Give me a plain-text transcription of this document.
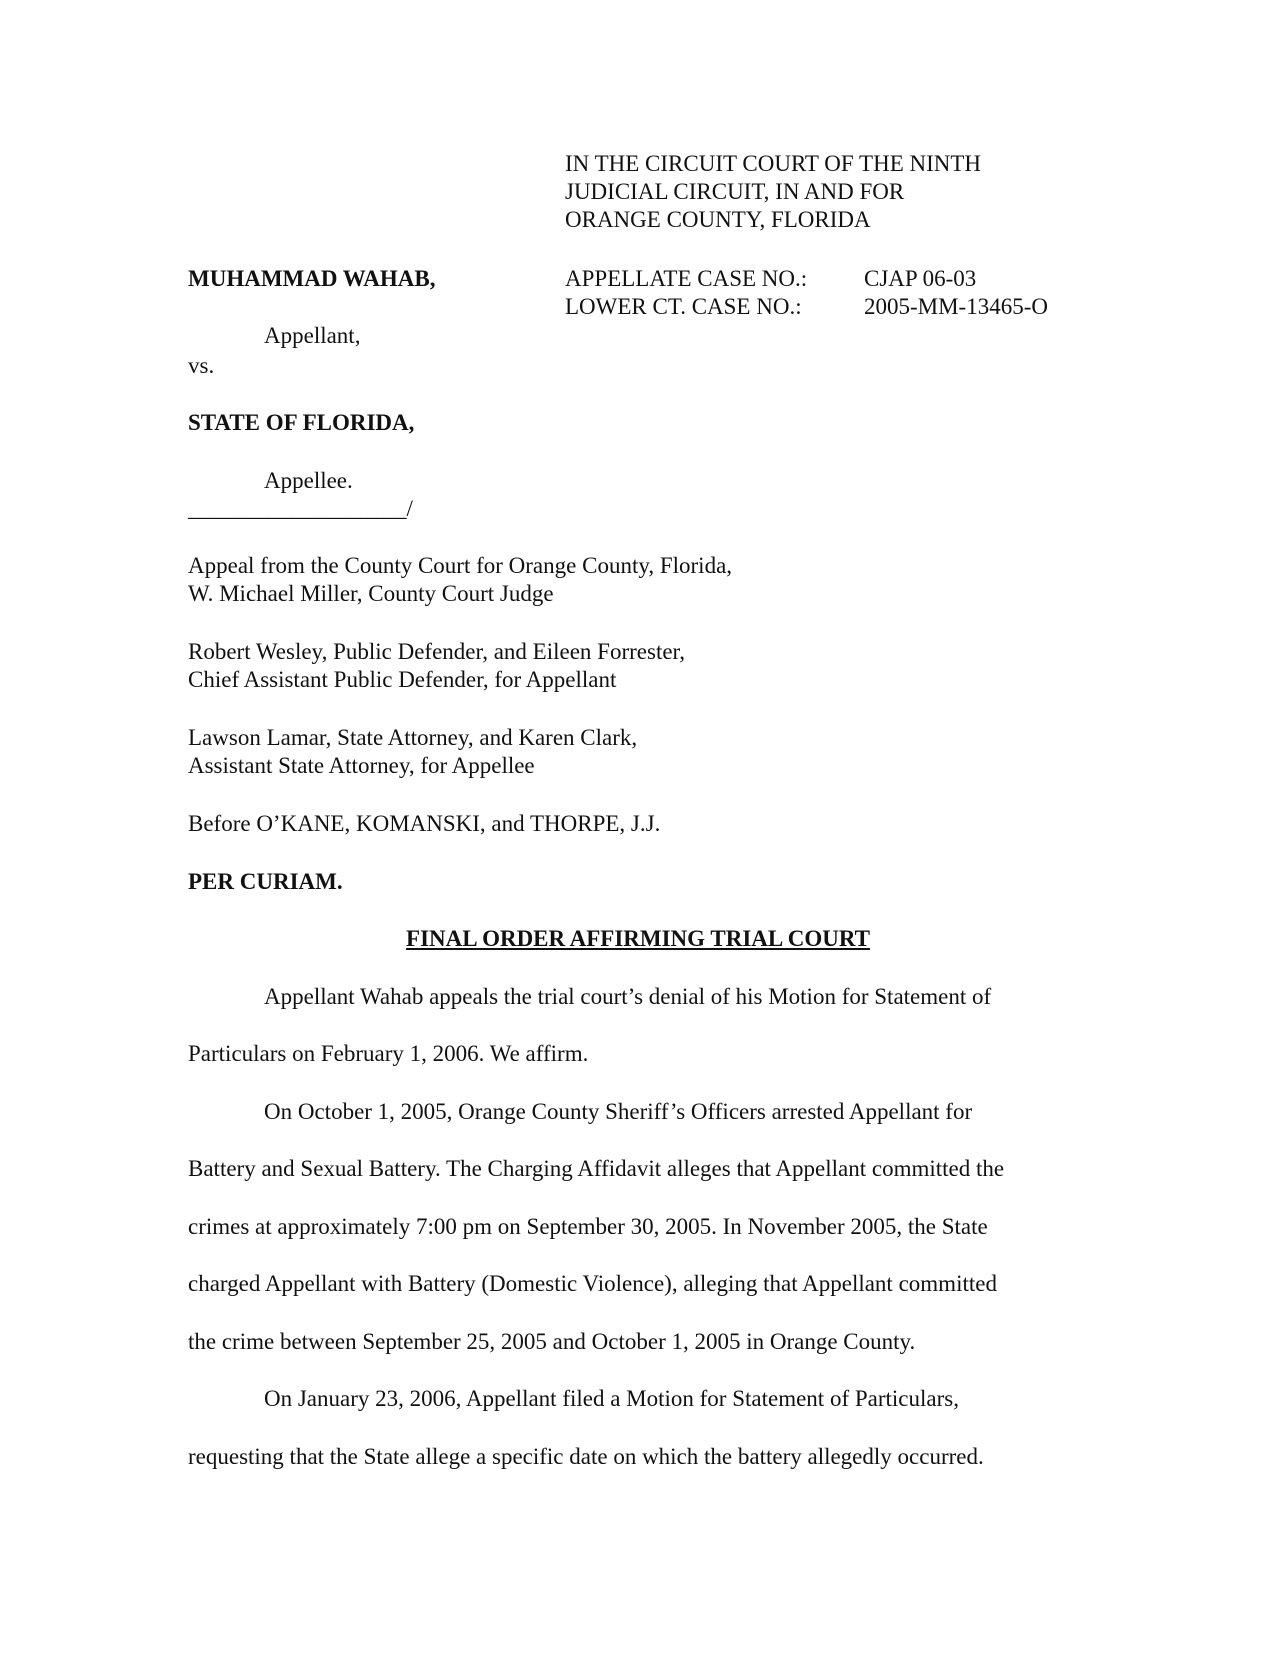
IN THE CIRCUIT COURT OF THE NINTH
JUDICIAL CIRCUIT, IN AND FOR
ORANGE COUNTY, FLORIDA
MUHAMMAD WAHAB,
Appellant,
APPELLATE CASE NO.: CJAP 06-03
LOWER CT. CASE NO.:	2005-MM-13465-O
vs.
STATE OF FLORIDA,
Appellee.
___________________/
Appeal from the County Court for Orange County, Florida,
W. Michael Miller, County Court Judge
Robert Wesley, Public Defender, and Eileen Forrester,
Chief Assistant Public Defender, for Appellant
Lawson Lamar, State Attorney, and Karen Clark,
Assistant State Attorney, for Appellee
Before O’KANE, KOMANSKI, and THORPE, J.J.
PER CURIAM.
FINAL ORDER AFFIRMING TRIAL COURT
Appellant Wahab appeals the trial court’s denial of his Motion for Statement of
Particulars on February 1, 2006. We affirm.
On October 1, 2005, Orange County Sheriff’s Officers arrested Appellant for
Battery and Sexual Battery. The Charging Affidavit alleges that Appellant committed the
crimes at approximately 7:00 pm on September 30, 2005. In November 2005, the State
charged Appellant with Battery (Domestic Violence), alleging that Appellant committed
the crime between September 25, 2005 and October 1, 2005 in Orange County.
On January 23, 2006, Appellant filed a Motion for Statement of Particulars,
requesting that the State allege a specific date on which the battery allegedly occurred.
